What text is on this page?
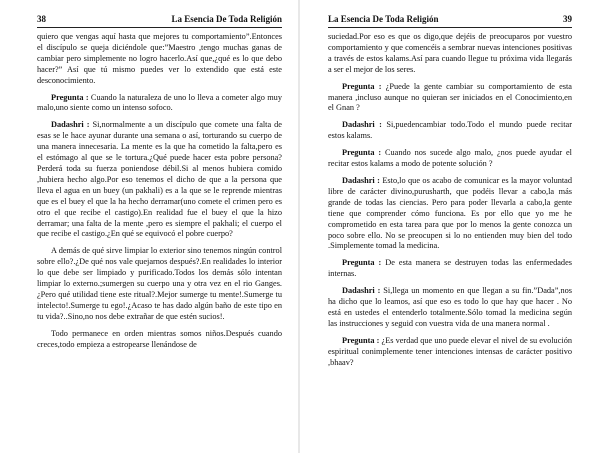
38	La Esencia De Toda Religión

quiero que vengas aquí hasta que mejores tu comportamiento”.Entonces el discípulo se queja diciéndole que:”Maestro ,tengo muchas ganas de cambiar pero simplemente no logro hacerlo.Así que,¿qué es lo que debo hacer?” Así que tú mismo puedes ver lo extendido que está este desconocimiento.

Pregunta : Cuando la naturaleza de uno lo lleva a cometer algo muy malo,uno siente como un intenso sofoco.

Dadashri : Si,normalmente a un discípulo que comete una falta de esas se le hace ayunar durante una semana o así, torturando su cuerpo de una manera innecesaria. La mente es la que ha cometido la falta,pero es el estómago al que se le tortura.¿Qué puede hacer esta pobre persona? Perderá toda su fuerza poniendose débil.Si al menos hubiera comido ,hubiera hecho algo.Por eso tenemos el dicho de que a la persona que lleva el agua en un buey (un pakhali) es a la que se le reprende mientras que es el buey el que la ha hecho derramar(uno comete el crimen pero es otro el que recibe el castigo).En realidad fue el buey el que la hizo derramar; una falta de la mente ,pero es siempre el pakhali; el cuerpo el que recibe el castigo.¿En qué se equivocó el pobre cuerpo?

A demás de qué sirve limpiar lo exterior sino tenemos ningún control sobre ello?.¿De qué nos vale quejarnos después?.En realidades lo interior lo que debe ser limpiado y purificado.Todos los demás sólo intentan limpiar lo externo.;sumergen su cuerpo una y otra vez en el rio Ganges.¿Pero qué utilidad tiene este ritual?.Mejor sumerge tu mente!.Sumerge tu intelecto!.Sumerge tu ego!.¿Acaso te has dado algún baño de este tipo en tu vida?..Sino,no nos debe extrañar de que estén sucios!.

Todo permanece en orden mientras somos niños.Después cuando creces,todo empieza a estropearse llenándose de

La Esencia De Toda Religión	39

suciedad.Por eso es que os digo,que dejéis de preocuparos por vuestro comportamiento y que comencéis a sembrar nuevas intenciones positivas a través de estos kalams.Así para cuando llegue tu próxima vida llegarás a ser el mejor de los seres.

Pregunta : ¿Puede la gente cambiar su comportamiento de esta manera ,incluso aunque no quieran ser iniciados en el Conocimiento,en el Gnan ?

Dadashri : Si,puedencambiar todo.Todo el mundo puede recitar estos kalams.

Pregunta : Cuando nos sucede algo malo, ¿nos puede ayudar el recitar estos kalams a modo de potente solución ?

Dadashri : Esto,lo que os acabo de comunicar es la mayor voluntad libre de carácter divino,purusharth, que podéis llevar a cabo,la más grande de todas las ciencias. Pero para poder llevarla a cabo,la gente tiene que comprender cómo funciona. Es por ello que yo me he comprometido en esta tarea para que por lo menos la gente conozca un poco sobre ello. No se preocupen si lo no entienden muy bien del todo .Simplemente tomad la medicina.

Pregunta : De esta manera se destruyen todas las enfermedades internas.

Dadashri : Si,llega un momento en que llegan a su fin.”Dada”,nos ha dicho que lo leamos, así que eso es todo lo que hay que hacer . No está en ustedes el entenderlo totalmente.Sólo tomad la medicina según las instrucciones y seguid con vuestra vida de una manera normal .

Pregunta : ¿Es verdad que uno puede elevar el nivel de su evolución espiritual conimplemente tener intenciones intensas de carácter positivo ,bhaav?
